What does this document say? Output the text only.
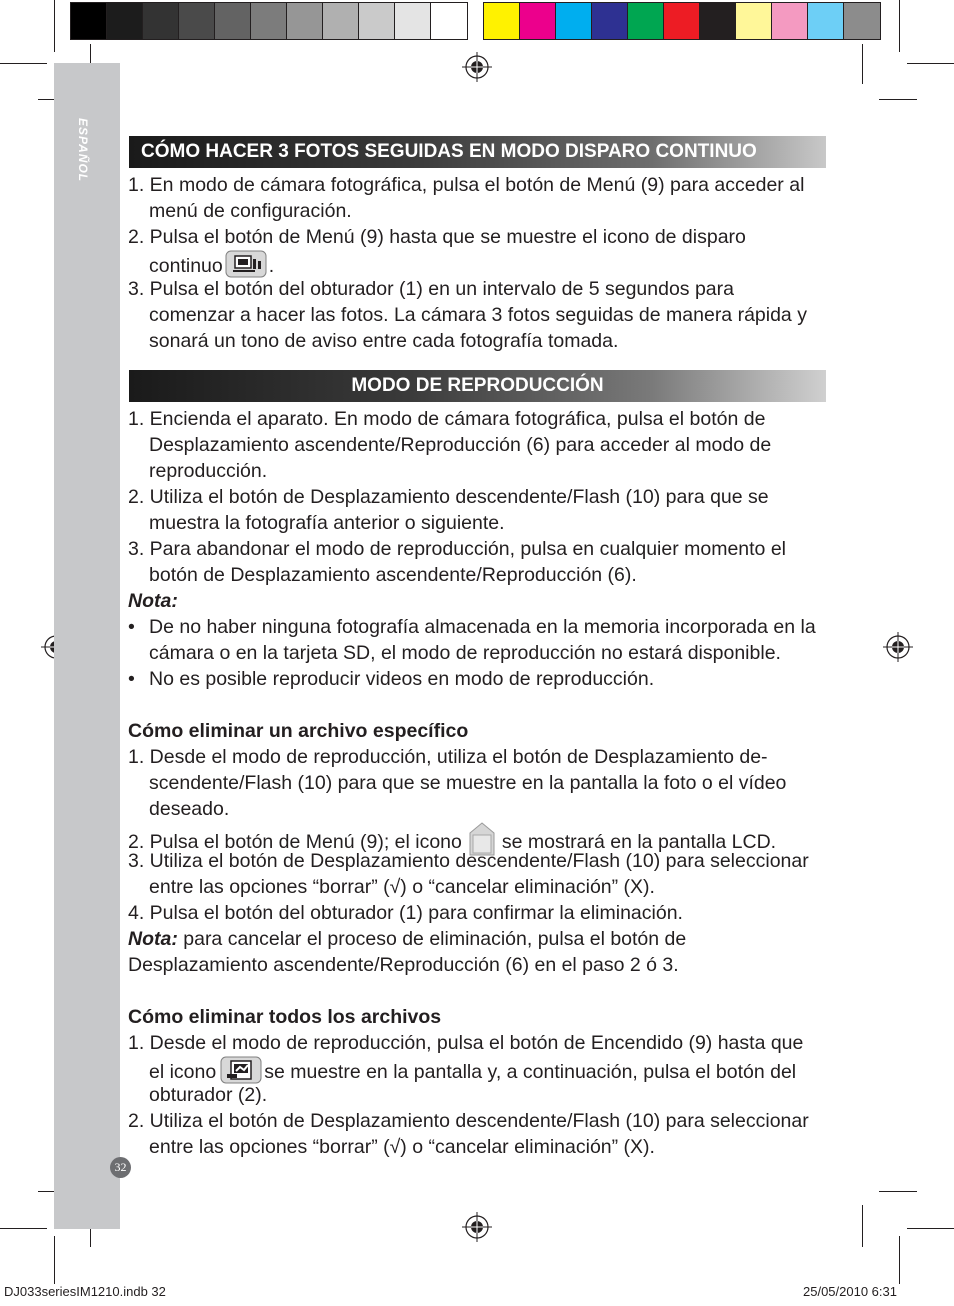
ESPAÑOL	CÓMO HACER 3 FOTOS SEGUIDAS EN MODO DISPARO CONTINUO
1. En modo de cámara fotográfica, pulsa el botón de Menú (9) para acceder al
menú de configuración.
2. Pulsa el botón de Menú (9) hasta que se muestre el icono de disparo
continuo .
3. Pulsa el botón del obturador (1) en un intervalo de 5 segundos para
comenzar a hacer las fotos. La cámara 3 fotos seguidas de manera rápida y
sonará un tono de aviso entre cada fotografía tomada.
MODO DE REPRODUCCIÓN
1. Encienda el aparato. En modo de cámara fotográfica, pulsa el botón de
Desplazamiento ascendente/Reproducción (6) para acceder al modo de
reproducción.
2. Utiliza el botón de Desplazamiento descendente/Flash (10) para que se
muestra la fotografía anterior o siguiente.
3. Para abandonar el modo de reproducción, pulsa en cualquier momento el
botón de Desplazamiento ascendente/Reproducción (6).
Nota:
• De no haber ninguna fotografía almacenada en la memoria incorporada en la
cámara o en la tarjeta SD, el modo de reproducción no estará disponible.
• No es posible reproducir videos en modo de reproducción.
Cómo eliminar un archivo específico
1. Desde el modo de reproducción, utiliza el botón de Desplazamiento de-
scendente/Flash (10) para que se muestre en la pantalla la foto o el vídeo
deseado.
2. Pulsa el botón de Menú (9); el icono se mostrará en la pantalla LCD.
3. Utiliza el botón de Desplazamiento descendente/Flash (10) para seleccionar
entre las opciones “borrar” (√) o “cancelar eliminación” (X).
4. Pulsa el botón del obturador (1) para confirmar la eliminación.
Nota: para cancelar el proceso de eliminación, pulsa el botón de
Desplazamiento ascendente/Reproducción (6) en el paso 2 ó 3.
Cómo eliminar todos los archivos
1. Desde el modo de reproducción, pulsa el botón de Encendido (9) hasta que
el icono se muestre en la pantalla y, a continuación, pulsa el botón del
obturador (2).
2. Utiliza el botón de Desplazamiento descendente/Flash (10) para seleccionar
entre las opciones “borrar” (√) o “cancelar eliminación” (X).
32
DJ033seriesIM1210.indb 32	25/05/2010 6:31
